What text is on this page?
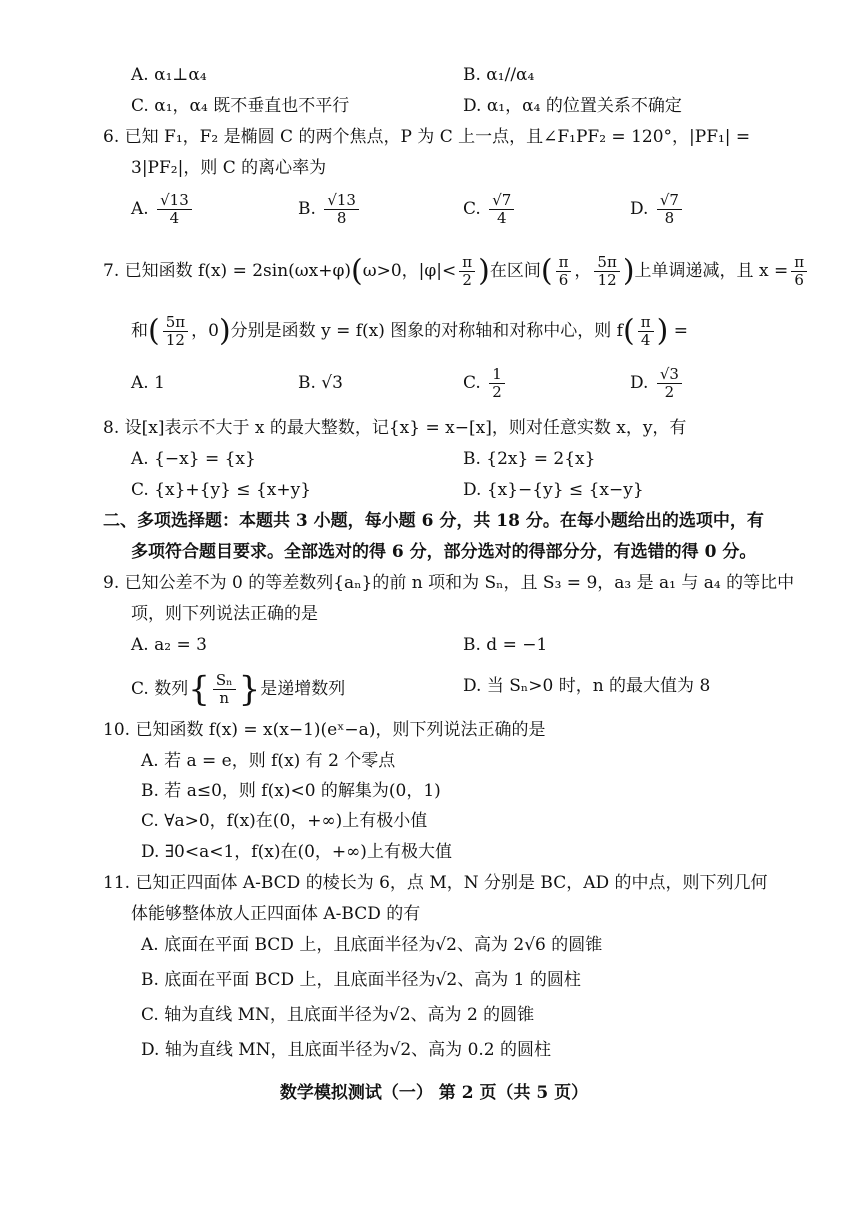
A. α₁⊥α₄	B. α₁//α₄
C. α₁，α₄ 既不垂直也不平行	D. α₁，α₄ 的位置关系不确定
6. 已知 F₁，F₂ 是椭圆 C 的两个焦点，P 为 C 上一点，且∠F₁PF₂ = 120°，|PF₁| =
3|PF₂|，则 C 的离心率为
A. $\frac{√13}{4}$	B. $\frac{√13}{8}$	C. $\frac{√7}{4}$	D. $\frac{√7}{8}$
7. 已知函数 f(x) = 2sin(ωx+φ)(ω>0，$|\varphi|< \frac{\pi}{2}$ )在区间( $\frac{\pi}{6}$ ， $\frac{5\pi}{12}$ )上单调递减，且 $x = \frac{\pi}{6}$
和( $\frac{5\pi}{12}$ ，0)分别是函数 y = f(x) 图象的对称轴和对称中心，则 $f( \frac{\pi}{4}$ ) =
A. 1	B. √3	C. $\frac{1}{2}$	D. $\frac{√3}{2}$
8. 设[x]表示不大于 x 的最大整数，记{x} = x−[x]，则对任意实数 x，y，有
A. {−x} = {x}	B. {2x} = 2{x}
C. {x}+{y} ≤ {x+y}	D. {x}−{y} ≤ {x−y}
二、多项选择题：本题共 3 小题，每小题 6 分，共 18 分。在每小题给出的选项中，有
多项符合题目要求。全部选对的得 6 分，部分选对的得部分分，有选错的得 0 分。
9. 已知公差不为 0 的等差数列{aₙ}的前 n 项和为 Sₙ，且 S₃ = 9，a₃ 是 a₁ 与 a₄ 的等比中
项，则下列说法正确的是
A. a₂ = 3	B. d = −1
C. 数列{ $\frac{\text{Sₙ}}{n}$ }是递增数列	D. 当 Sₙ>0 时，n 的最大值为 8
10. 已知函数 f(x) = x(x−1)(eˣ−a)，则下列说法正确的是
A. 若 a = e，则 f(x) 有 2 个零点
B. 若 a≤0，则 f(x)<0 的解集为(0，1)
C. ∀a>0，f(x)在(0，+∞)上有极小值
D. ∃0<a<1，f(x)在(0，+∞)上有极大值
11. 已知正四面体 A-BCD 的棱长为 6，点 M，N 分别是 BC，AD 的中点，则下列几何
体能够整体放人正四面体 A-BCD 的有
A. 底面在平面 BCD 上，且底面半径为√2、高为 2√6 的圆锥
B. 底面在平面 BCD 上，且底面半径为√2、高为 1 的圆柱
C. 轴为直线 MN，且底面半径为√2、高为 2 的圆锥
D. 轴为直线 MN，且底面半径为√2、高为 0.2 的圆柱
数学模拟测试（一） 第 2 页（共 5 页）
